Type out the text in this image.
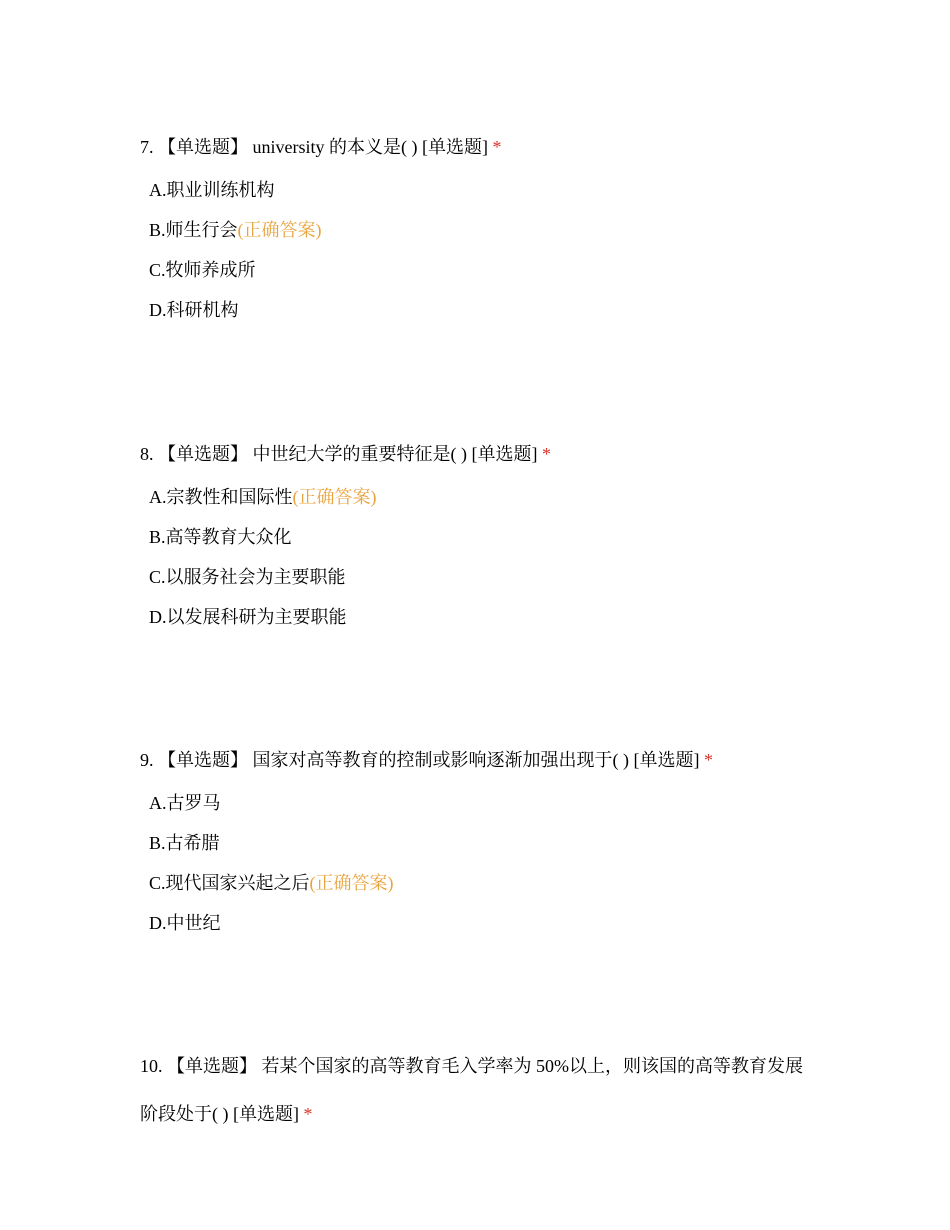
7. 【单选题】 university 的本义是( ) [单选题] *

A.职业训练机构
B.师生行会(正确答案)
C.牧师养成所
D.科研机构

8. 【单选题】 中世纪大学的重要特征是( ) [单选题] *

A.宗教性和国际性(正确答案)
B.高等教育大众化
C.以服务社会为主要职能
D.以发展科研为主要职能

9. 【单选题】 国家对高等教育的控制或影响逐渐加强出现于( ) [单选题] *

A.古罗马
B.古希腊
C.现代国家兴起之后(正确答案)
D.中世纪

10. 【单选题】 若某个国家的高等教育毛入学率为 50%以上，则该国的高等教育发展阶段处于( ) [单选题] *
